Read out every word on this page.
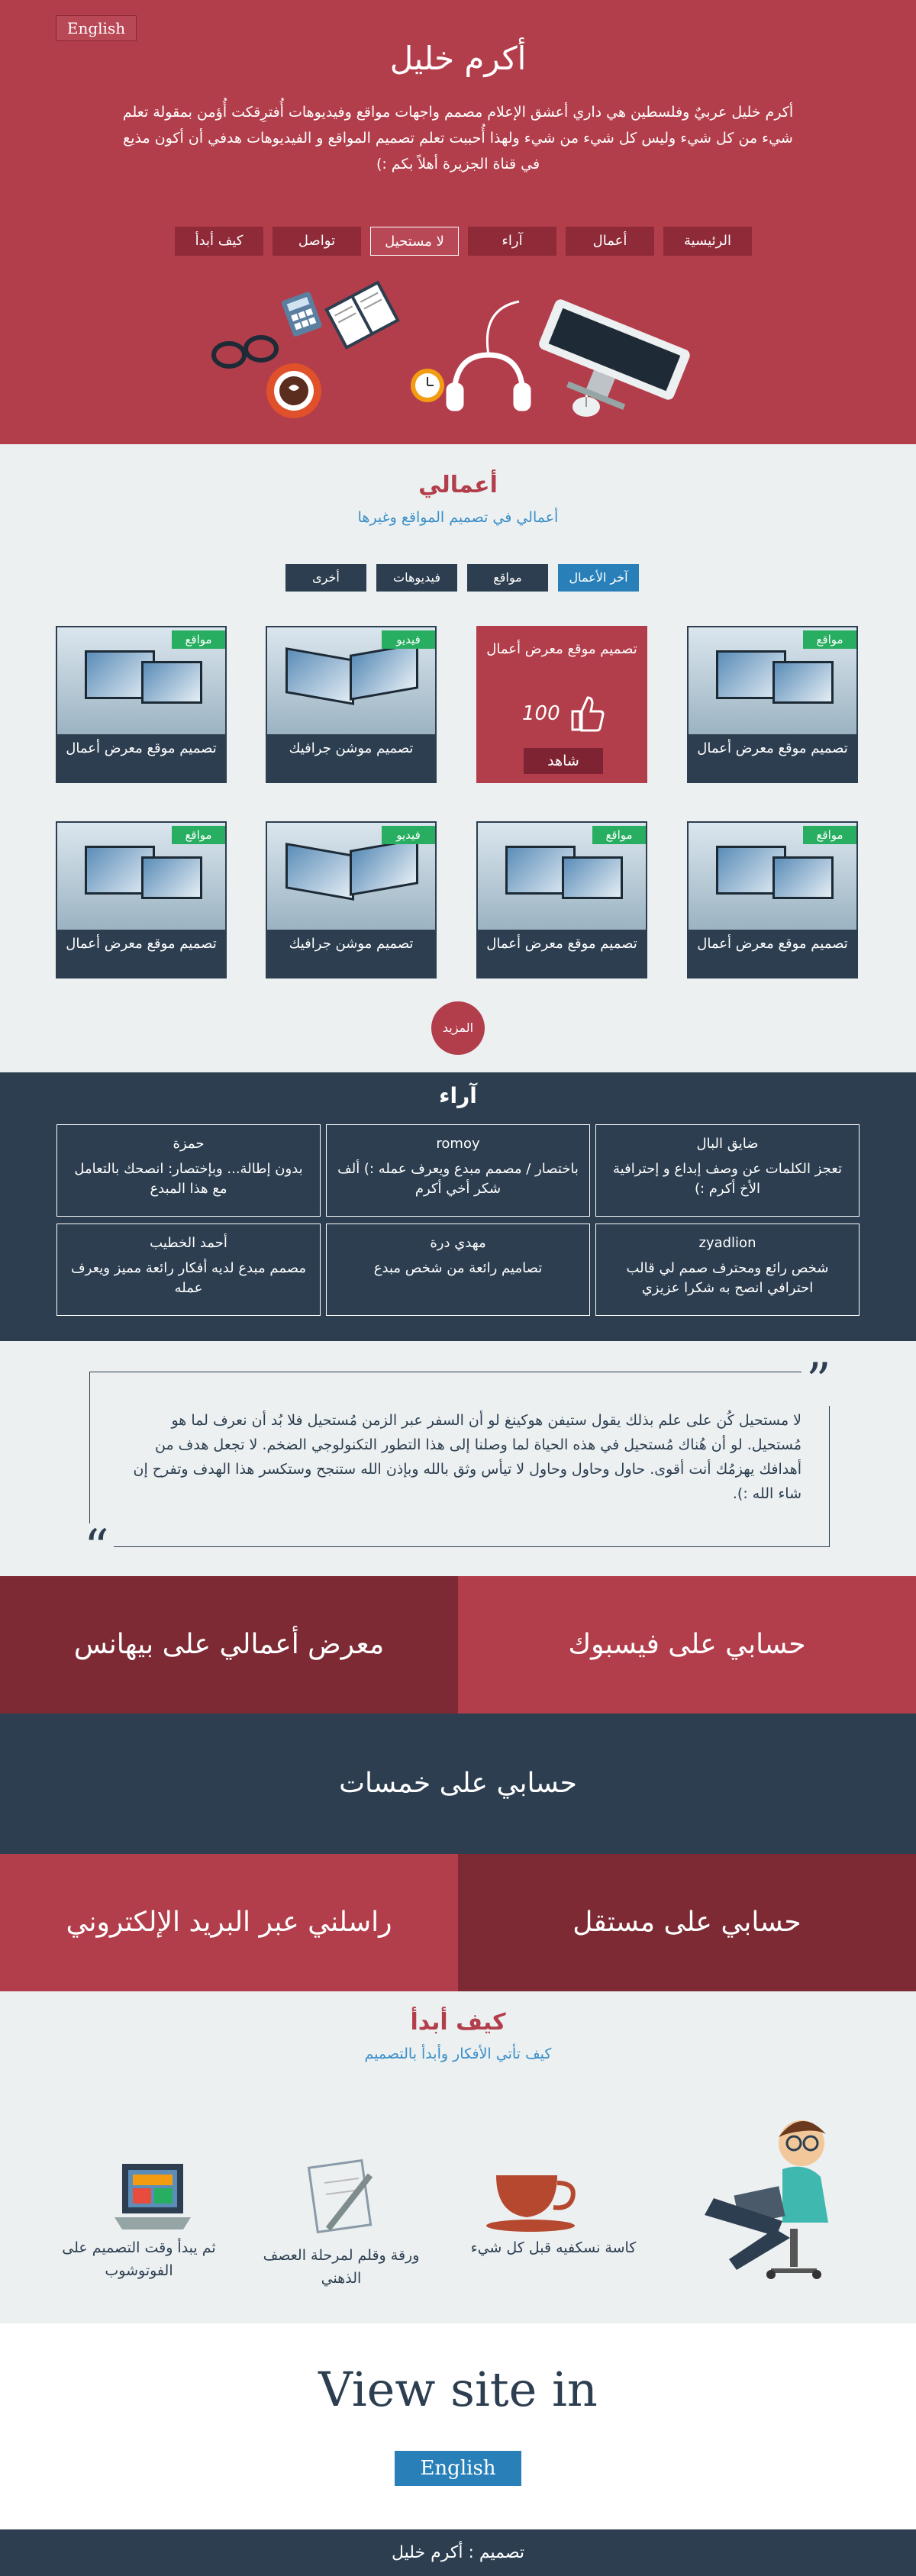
English
أكرم خليل

أكرم خليل عربيٌ وفلسطين هي داري أعشق الإعلام مصمم واجهات مواقع وفيديوهات أُفترِقكت أُؤمن بمقولة تعلم شيء من كل شيء وليس كل شيء من شيء ولهذا أُحببت تعلم تصميم المواقع و الفيديوهات هدفي أن أكون مذيع في قناة الجزيرة أهلاً بكم :)

الرئيسية
أعمال
آراء
لا مستحيل
تواصل
كيف أبدأ
أعمالي
أعمالي في تصميم المواقع وغيرها
آخر الأعمال
مواقع
فيديوهات
أخرى
مواقع
تصميم موقع معرض أعمال
تصميم موقع معرض أعمال
100
شاهد
فيديو
تصميم موشن جرافيك
مواقع
تصميم موقع معرض أعمال
مواقع
تصميم موقع معرض أعمال
مواقع
تصميم موقع معرض أعمال
فيديو
تصميم موشن جرافيك
مواقع
تصميم موقع معرض أعمال
المزيد
آراء
ضايق البال
تعجز الكلمات عن وصف إبداع و إحترافية الأخ أكرم :)
romoy
باختصار / مصمم مبدع ويعرف عمله :) ألف شكر أخي أكرم
حمزة
بدون إطالة... وبإختصار: انصحك بالتعامل مع هذا المبدع
zyadlion
شخص رائع ومحترف صمم لي قالب احترافي انصح به شكرا عزيزي
مهدي درة
تصاميم رائعة من شخص مبدع
أحمد الخطيب
مصمم مبدع لديه أفكار رائعة مميز ويعرف عمله
”
“

لا مستحيل كُن على علم بذلك يقول ستيفن هوكينغ لو أن السفر عبر الزمن مُستحيل فلا بُد أن نعرف لما هو مُستحيل. لو أن هُناك مُستحيل في هذه الحياة لما وصلنا إلى هذا التطور التكنولوجي الضخم. لا تجعل هدف من أهدافك يهزمُك أنت أقوى. حاول وحاول وحاول لا تيأس وثق بالله وبإذن الله ستنجح وستكسر هذا الهدف وتفرح إن شاء الله :).

حسابي على فيسبوك
معرض أعمالي على بيهانس
حسابي على خمسات
حسابي على مستقل
راسلني عبر البريد الإلكتروني
كيف أبدأ
كيف تأتي الأفكار وأبدأ بالتصميم
كاسة نسكفيه قبل كل شيء
ورقة وقلم لمرحلة العصف الذهني
ثم يبدأ وقت التصميم على الفوتوشوب
View site in
English
تصميم : أكرم خليل
